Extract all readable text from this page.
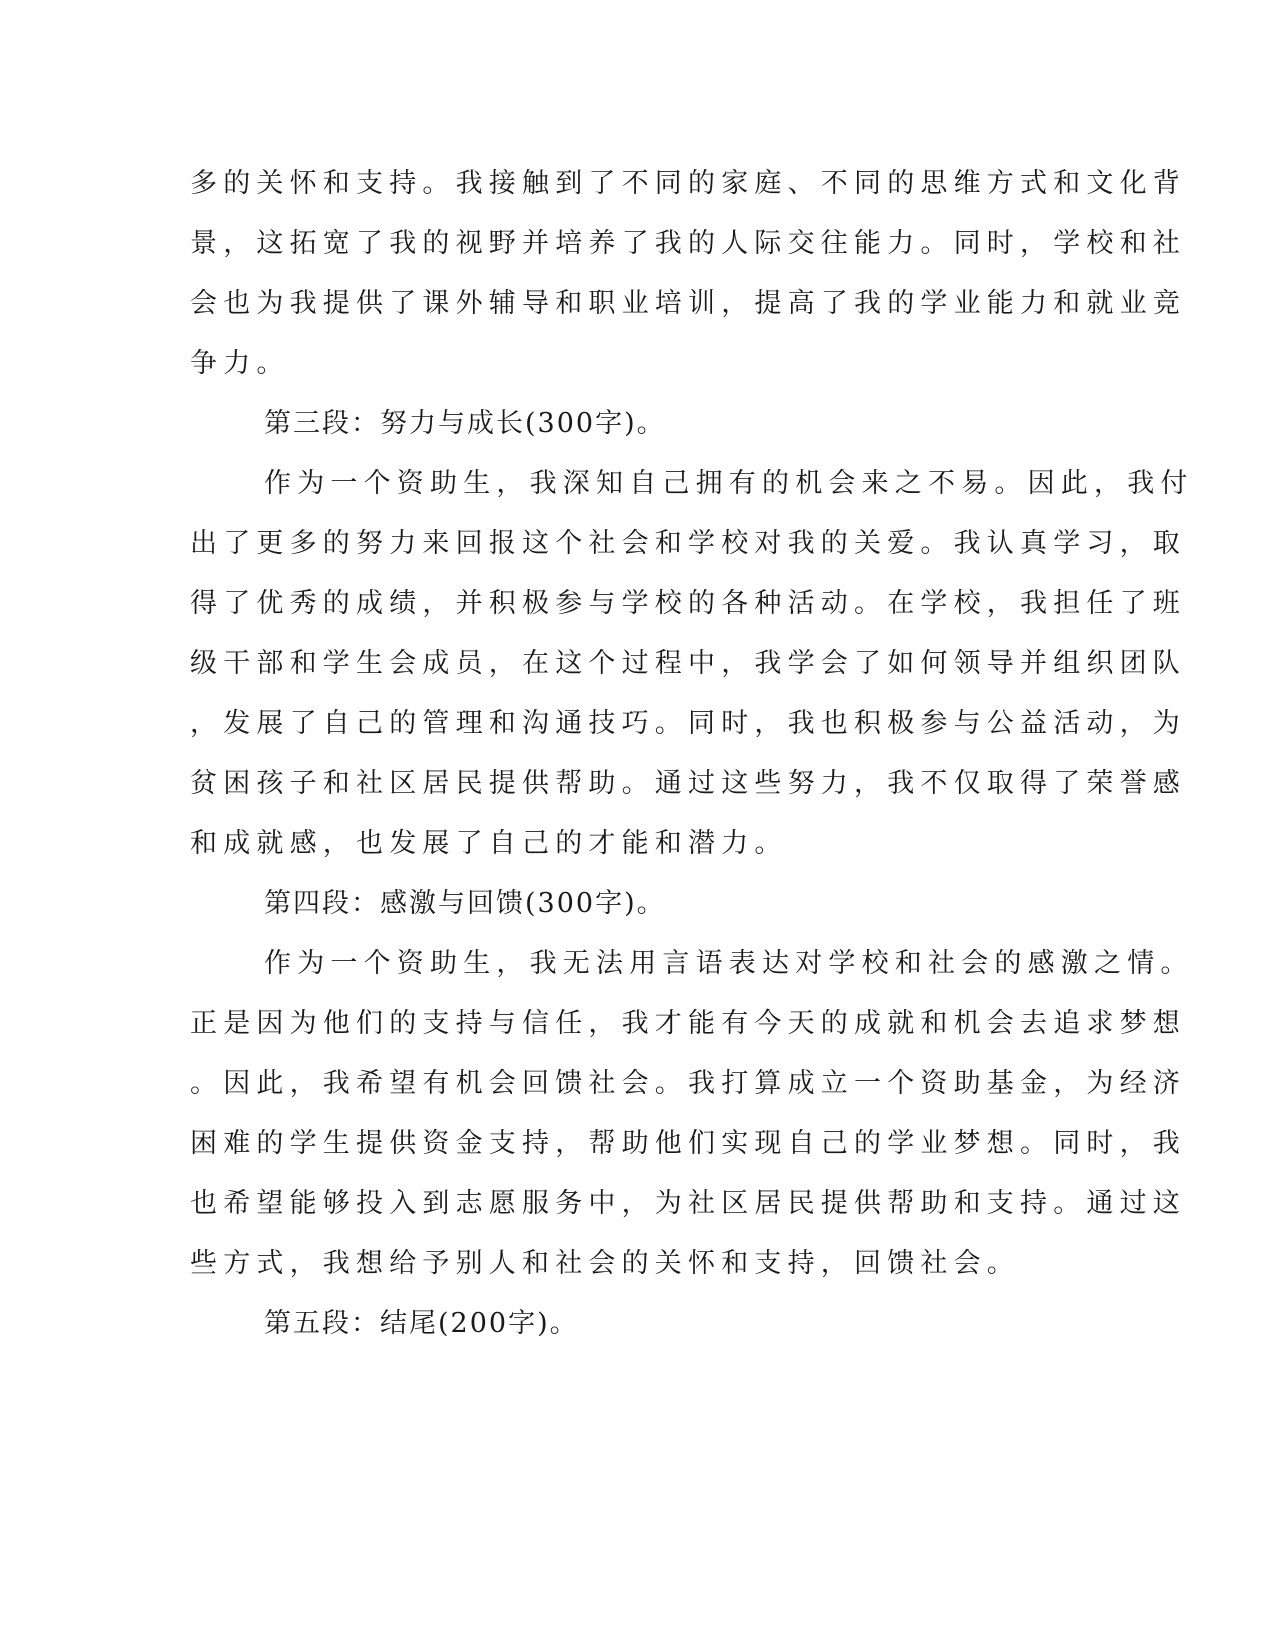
多的关怀和支持。我接触到了不同的家庭、不同的思维方式和文化背

景，这拓宽了我的视野并培养了我的人际交往能力。同时，学校和社

会也为我提供了课外辅导和职业培训，提高了我的学业能力和就业竞

争力。

第三段：努力与成长(300字)。

作为一个资助生，我深知自己拥有的机会来之不易。因此，我付

出了更多的努力来回报这个社会和学校对我的关爱。我认真学习，取

得了优秀的成绩，并积极参与学校的各种活动。在学校，我担任了班

级干部和学生会成员，在这个过程中，我学会了如何领导并组织团队

，发展了自己的管理和沟通技巧。同时，我也积极参与公益活动，为

贫困孩子和社区居民提供帮助。通过这些努力，我不仅取得了荣誉感

和成就感，也发展了自己的才能和潜力。

第四段：感激与回馈(300字)。

作为一个资助生，我无法用言语表达对学校和社会的感激之情。

正是因为他们的支持与信任，我才能有今天的成就和机会去追求梦想

。因此，我希望有机会回馈社会。我打算成立一个资助基金，为经济

困难的学生提供资金支持，帮助他们实现自己的学业梦想。同时，我

也希望能够投入到志愿服务中，为社区居民提供帮助和支持。通过这

些方式，我想给予别人和社会的关怀和支持，回馈社会。

第五段：结尾(200字)。
